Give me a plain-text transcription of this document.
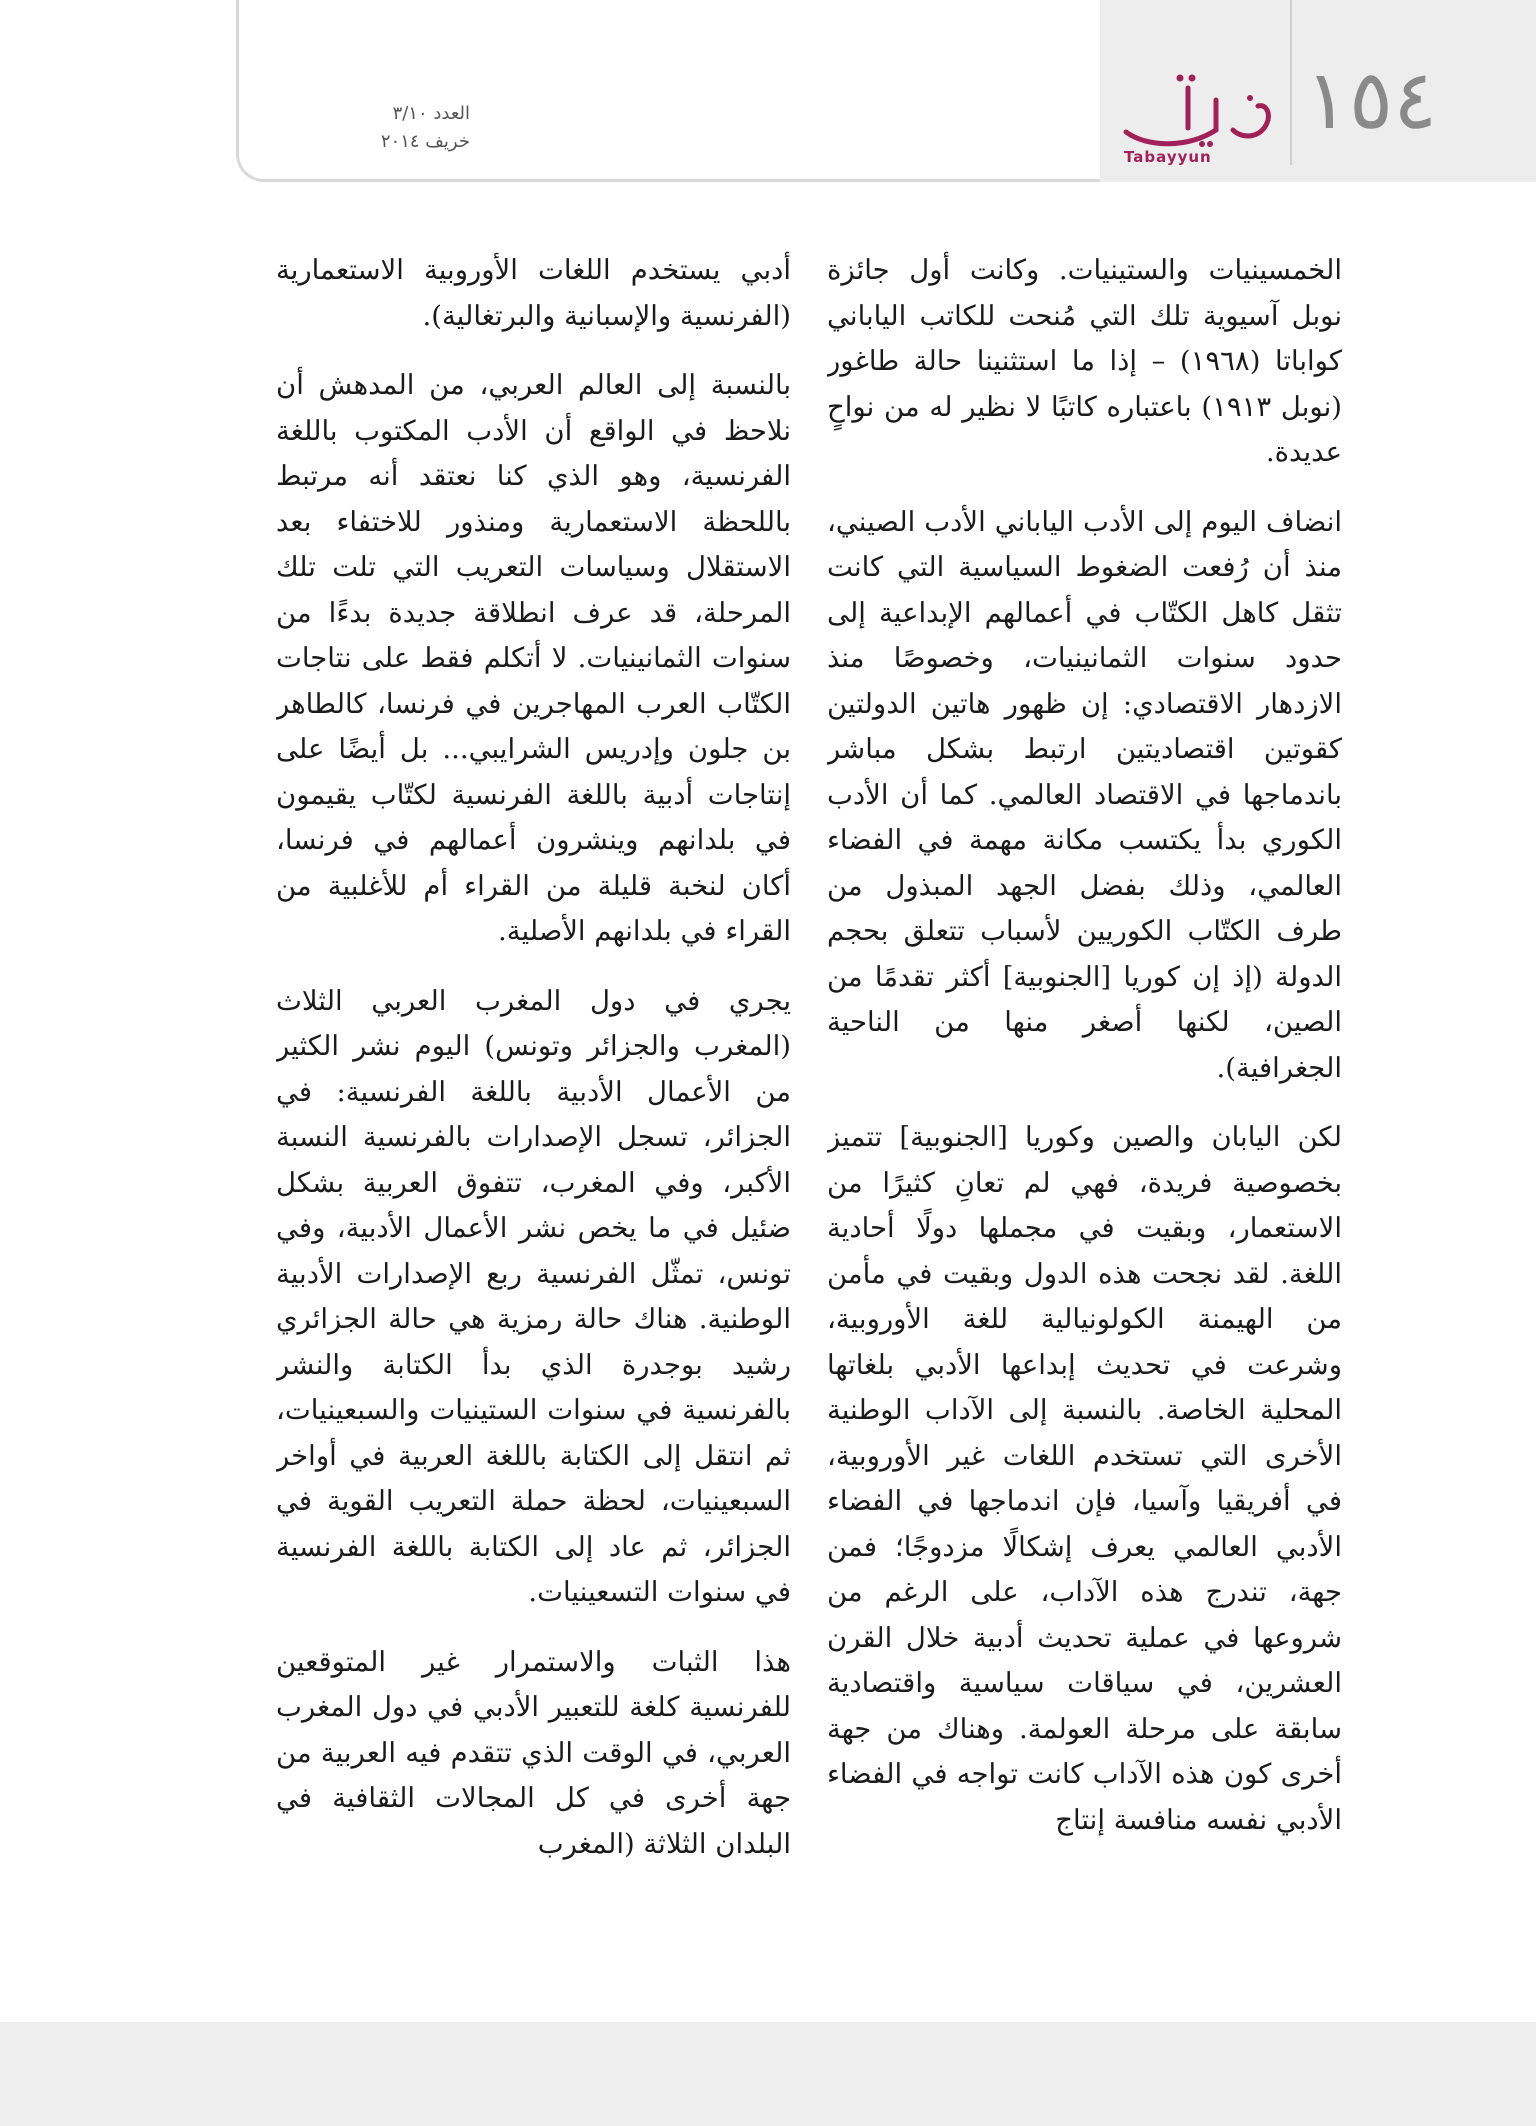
١٥٤
Tabayyun
العدد ٣/١٠
خريف ٢٠١٤

الخمسينيات والستينيات. وكانت أول جائزة نوبل آسيوية تلك التي مُنحت للكاتب الياباني كواباتا (١٩٦٨) – إذا ما استثنينا حالة طاغور (نوبل ١٩١٣) باعتباره كاتبًا لا نظير له من نواحٍ عديدة.

انضاف اليوم إلى الأدب الياباني الأدب الصيني، منذ أن رُفعت الضغوط السياسية التي كانت تثقل كاهل الكتّاب في أعمالهم الإبداعية إلى حدود سنوات الثمانينيات، وخصوصًا منذ الازدهار الاقتصادي: إن ظهور هاتين الدولتين كقوتين اقتصاديتين ارتبط بشكل مباشر باندماجها في الاقتصاد العالمي. كما أن الأدب الكوري بدأ يكتسب مكانة مهمة في الفضاء العالمي، وذلك بفضل الجهد المبذول من طرف الكتّاب الكوريين لأسباب تتعلق بحجم الدولة (إذ إن كوريا [الجنوبية] أكثر تقدمًا من الصين، لكنها أصغر منها من الناحية الجغرافية).

لكن اليابان والصين وكوريا [الجنوبية] تتميز بخصوصية فريدة، فهي لم تعانِ كثيرًا من الاستعمار، وبقيت في مجملها دولًا أحادية اللغة. لقد نجحت هذه الدول وبقيت في مأمن من الهيمنة الكولونيالية للغة الأوروبية، وشرعت في تحديث إبداعها الأدبي بلغاتها المحلية الخاصة. بالنسبة إلى الآداب الوطنية الأخرى التي تستخدم اللغات غير الأوروبية، في أفريقيا وآسيا، فإن اندماجها في الفضاء الأدبي العالمي يعرف إشكالًا مزدوجًا؛ فمن جهة، تندرج هذه الآداب، على الرغم من شروعها في عملية تحديث أدبية خلال القرن العشرين، في سياقات سياسية واقتصادية سابقة على مرحلة العولمة. وهناك من جهة أخرى كون هذه الآداب كانت تواجه في الفضاء الأدبي نفسه منافسة إنتاج

أدبي يستخدم اللغات الأوروبية الاستعمارية (الفرنسية والإسبانية والبرتغالية).

بالنسبة إلى العالم العربي، من المدهش أن نلاحظ في الواقع أن الأدب المكتوب باللغة الفرنسية، وهو الذي كنا نعتقد أنه مرتبط باللحظة الاستعمارية ومنذور للاختفاء بعد الاستقلال وسياسات التعريب التي تلت تلك المرحلة، قد عرف انطلاقة جديدة بدءًا من سنوات الثمانينيات. لا أتكلم فقط على نتاجات الكتّاب العرب المهاجرين في فرنسا، كالطاهر بن جلون وإدريس الشرايبي... بل أيضًا على إنتاجات أدبية باللغة الفرنسية لكتّاب يقيمون في بلدانهم وينشرون أعمالهم في فرنسا، أكان لنخبة قليلة من القراء أم للأغلبية من القراء في بلدانهم الأصلية.

يجري في دول المغرب العربي الثلاث (المغرب والجزائر وتونس) اليوم نشر الكثير من الأعمال الأدبية باللغة الفرنسية: في الجزائر، تسجل الإصدارات بالفرنسية النسبة الأكبر، وفي المغرب، تتفوق العربية بشكل ضئيل في ما يخص نشر الأعمال الأدبية، وفي تونس، تمثّل الفرنسية ربع الإصدارات الأدبية الوطنية. هناك حالة رمزية هي حالة الجزائري رشيد بوجدرة الذي بدأ الكتابة والنشر بالفرنسية في سنوات الستينيات والسبعينيات، ثم انتقل إلى الكتابة باللغة العربية في أواخر السبعينيات، لحظة حملة التعريب القوية في الجزائر، ثم عاد إلى الكتابة باللغة الفرنسية في سنوات التسعينيات.

هذا الثبات والاستمرار غير المتوقعين للفرنسية كلغة للتعبير الأدبي في دول المغرب العربي، في الوقت الذي تتقدم فيه العربية من جهة أخرى في كل المجالات الثقافية في البلدان الثلاثة (المغرب
